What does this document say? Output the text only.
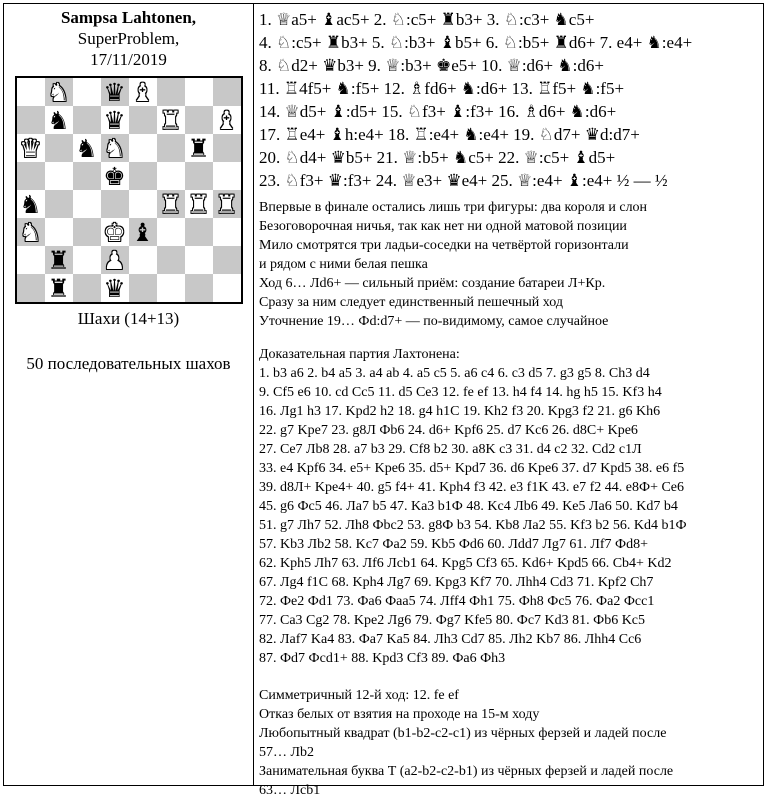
Sampsa Lahtonen,
SuperProblem,
17/11/2019
♞ ♛ ♝
♞ ♛ ♜ ♝
♛ ♞ ♞ ♜
♚
♞	♜ ♜ ♜
♞ ♚ ♝
♜ ♟
♜ ♛
Шахи (14+13)
50 последовательных шахов
1. ♕a5+ ♝ac5+ 2. ♘:c5+ ♜b3+ 3. ♘:c3+ ♞c5+
4. ♘:c5+ ♜b3+ 5. ♘:b3+ ♝b5+ 6. ♘:b5+ ♜d6+ 7. e4+ ♞:e4+
8. ♘d2+ ♛b3+ 9. ♕:b3+ ♚e5+ 10. ♕:d6+ ♞:d6+
11. ♖4f5+ ♞:f5+ 12. ♗fd6+ ♞:d6+ 13. ♖f5+ ♞:f5+
14. ♕d5+ ♝:d5+ 15. ♘f3+ ♝:f3+ 16. ♗d6+ ♞:d6+
17. ♖e4+ ♝h:e4+ 18. ♖:e4+ ♞:e4+ 19. ♘d7+ ♛d:d7+
20. ♘d4+ ♛b5+ 21. ♕:b5+ ♞c5+ 22. ♕:c5+ ♝d5+
23. ♘f3+ ♛:f3+ 24. ♕e3+ ♛e4+ 25. ♕:e4+ ♝:e4+ ½ — ½
Впервые в финале остались лишь три фигуры: два короля и слон
Безоговорочная ничья, так как нет ни одной матовой позиции
Мило смотрятся три ладьи-соседки на четвёртой горизонтали
и рядом с ними белая пешка
Ход 6… Лd6+ — сильный приём: создание батареи Л+Кр.
Сразу за ним следует единственный пешечный ход
Уточнение 19… Фd:d7+ — по-видимому, самое случайное
Доказательная партия Лахтонена:
1. b3 a6 2. b4 a5 3. a4 ab 4. a5 c5 5. a6 c4 6. c3 d5 7. g3 g5 8. Ch3 d4
9. Cf5 e6 10. cd Cc5 11. d5 Ce3 12. fe ef 13. h4 f4 14. hg h5 15. Kf3 h4
16. Лg1 h3 17. Kpd2 h2 18. g4 h1C 19. Kh2 f3 20. Kpg3 f2 21. g6 Kh6
22. g7 Kpe7 23. g8Л Фb6 24. d6+ Kpf6 25. d7 Kc6 26. d8C+ Kpe6
27. Ce7 Лb8 28. a7 b3 29. Cf8 b2 30. a8K c3 31. d4 c2 32. Cd2 c1Л
33. e4 Kpf6 34. e5+ Kpe6 35. d5+ Kpd7 36. d6 Kpe6 37. d7 Kpd5 38. e6 f5
39. d8Л+ Kpe4+ 40. g5 f4+ 41. Kph4 f3 42. e3 f1K 43. e7 f2 44. e8Ф+ Ce6
45. g6 Фc5 46. Лa7 b5 47. Ka3 b1Ф 48. Kc4 Лb6 49. Ke5 Лa6 50. Kd7 b4
51. g7 Лh7 52. Лh8 Фbc2 53. g8Ф b3 54. Kb8 Лa2 55. Kf3 b2 56. Kd4 b1Ф
57. Kb3 Лb2 58. Kc7 Фa2 59. Kb5 Фd6 60. Лdd7 Лg7 61. Лf7 Фd8+
62. Kph5 Лh7 63. Лf6 Лcb1 64. Kpg5 Cf3 65. Kd6+ Kpd5 66. Cb4+ Kd2
67. Лg4 f1C 68. Kph4 Лg7 69. Kpg3 Kf7 70. Лhh4 Cd3 71. Kpf2 Ch7
72. Фe2 Фd1 73. Фa6 Фaa5 74. Лff4 Фh1 75. Фh8 Фc5 76. Фa2 Фcc1
77. Ca3 Cg2 78. Kpe2 Лg6 79. Фg7 Kfe5 80. Фc7 Kd3 81. Фb6 Kc5
82. Лaf7 Ka4 83. Фa7 Ka5 84. Лh3 Cd7 85. Лh2 Kb7 86. Лhh4 Cc6
87. Фd7 Фcd1+ 88. Kpd3 Cf3 89. Фa6 Фh3
Симметричный 12-й ход: 12. fe ef
Отказ белых от взятия на проходе на 15-м ходу
Любопытный квадрат (b1-b2-c2-c1) из чёрных ферзей и ладей после
57… Лb2
Занимательная буква Т (a2-b2-c2-b1) из чёрных ферзей и ладей после
63… Лcb1
